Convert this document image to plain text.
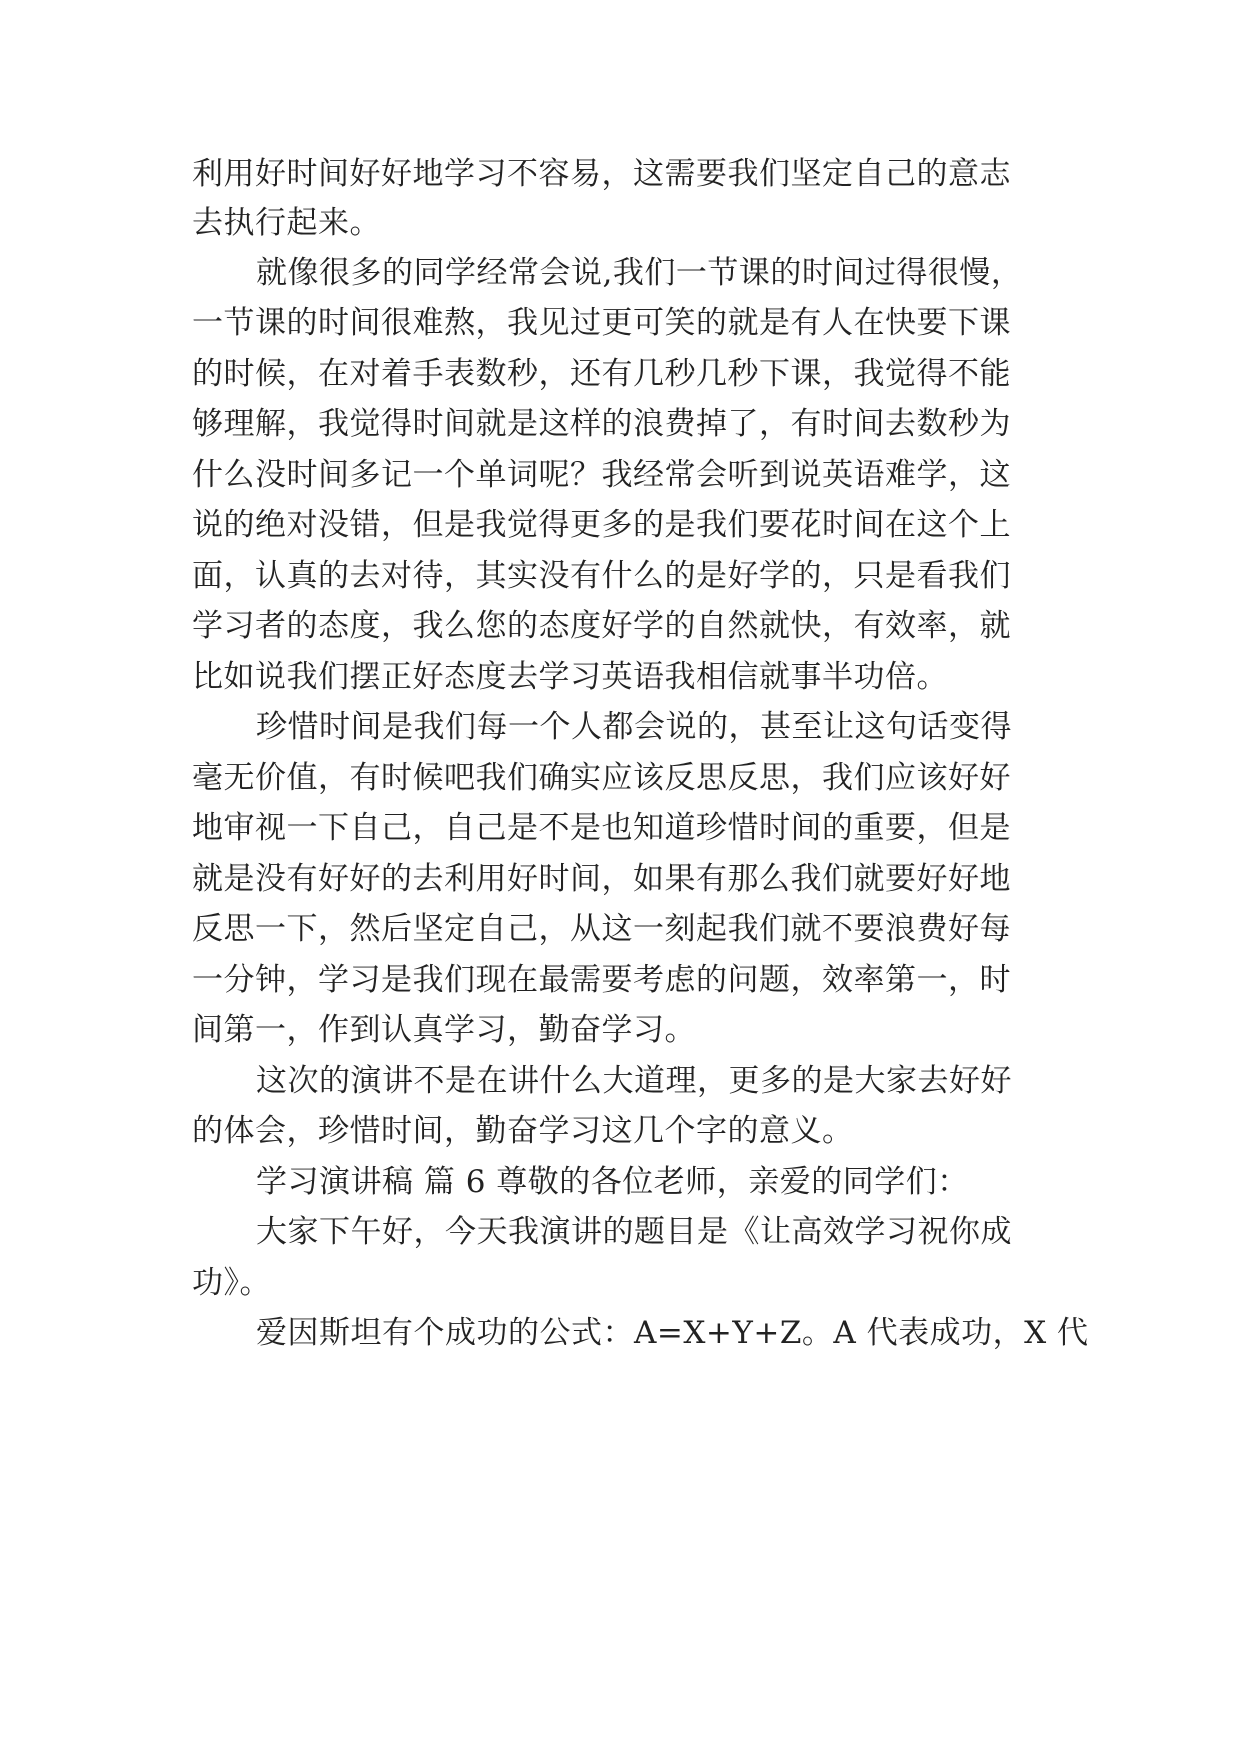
利用好时间好好地学习不容易，这需要我们坚定自己的意志

去执行起来。

就像很多的同学经常会说,我们一节课的时间过得很慢，

一节课的时间很难熬，我见过更可笑的就是有人在快要下课

的时候，在对着手表数秒，还有几秒几秒下课，我觉得不能

够理解，我觉得时间就是这样的浪费掉了，有时间去数秒为

什么没时间多记一个单词呢？我经常会听到说英语难学，这

说的绝对没错，但是我觉得更多的是我们要花时间在这个上

面，认真的去对待，其实没有什么的是好学的，只是看我们

学习者的态度，我么您的态度好学的自然就快，有效率，就

比如说我们摆正好态度去学习英语我相信就事半功倍。

珍惜时间是我们每一个人都会说的，甚至让这句话变得

毫无价值，有时候吧我们确实应该反思反思，我们应该好好

地审视一下自己，自己是不是也知道珍惜时间的重要，但是

就是没有好好的去利用好时间，如果有那么我们就要好好地

反思一下，然后坚定自己，从这一刻起我们就不要浪费好每

一分钟，学习是我们现在最需要考虑的问题，效率第一，时

间第一，作到认真学习，勤奋学习。

这次的演讲不是在讲什么大道理，更多的是大家去好好

的体会，珍惜时间，勤奋学习这几个字的意义。

学习演讲稿 篇 6 尊敬的各位老师，亲爱的同学们：

大家下午好，今天我演讲的题目是《让高效学习祝你成

功》。

爱因斯坦有个成功的公式：A=X+Y+Z。A 代表成功，X 代
